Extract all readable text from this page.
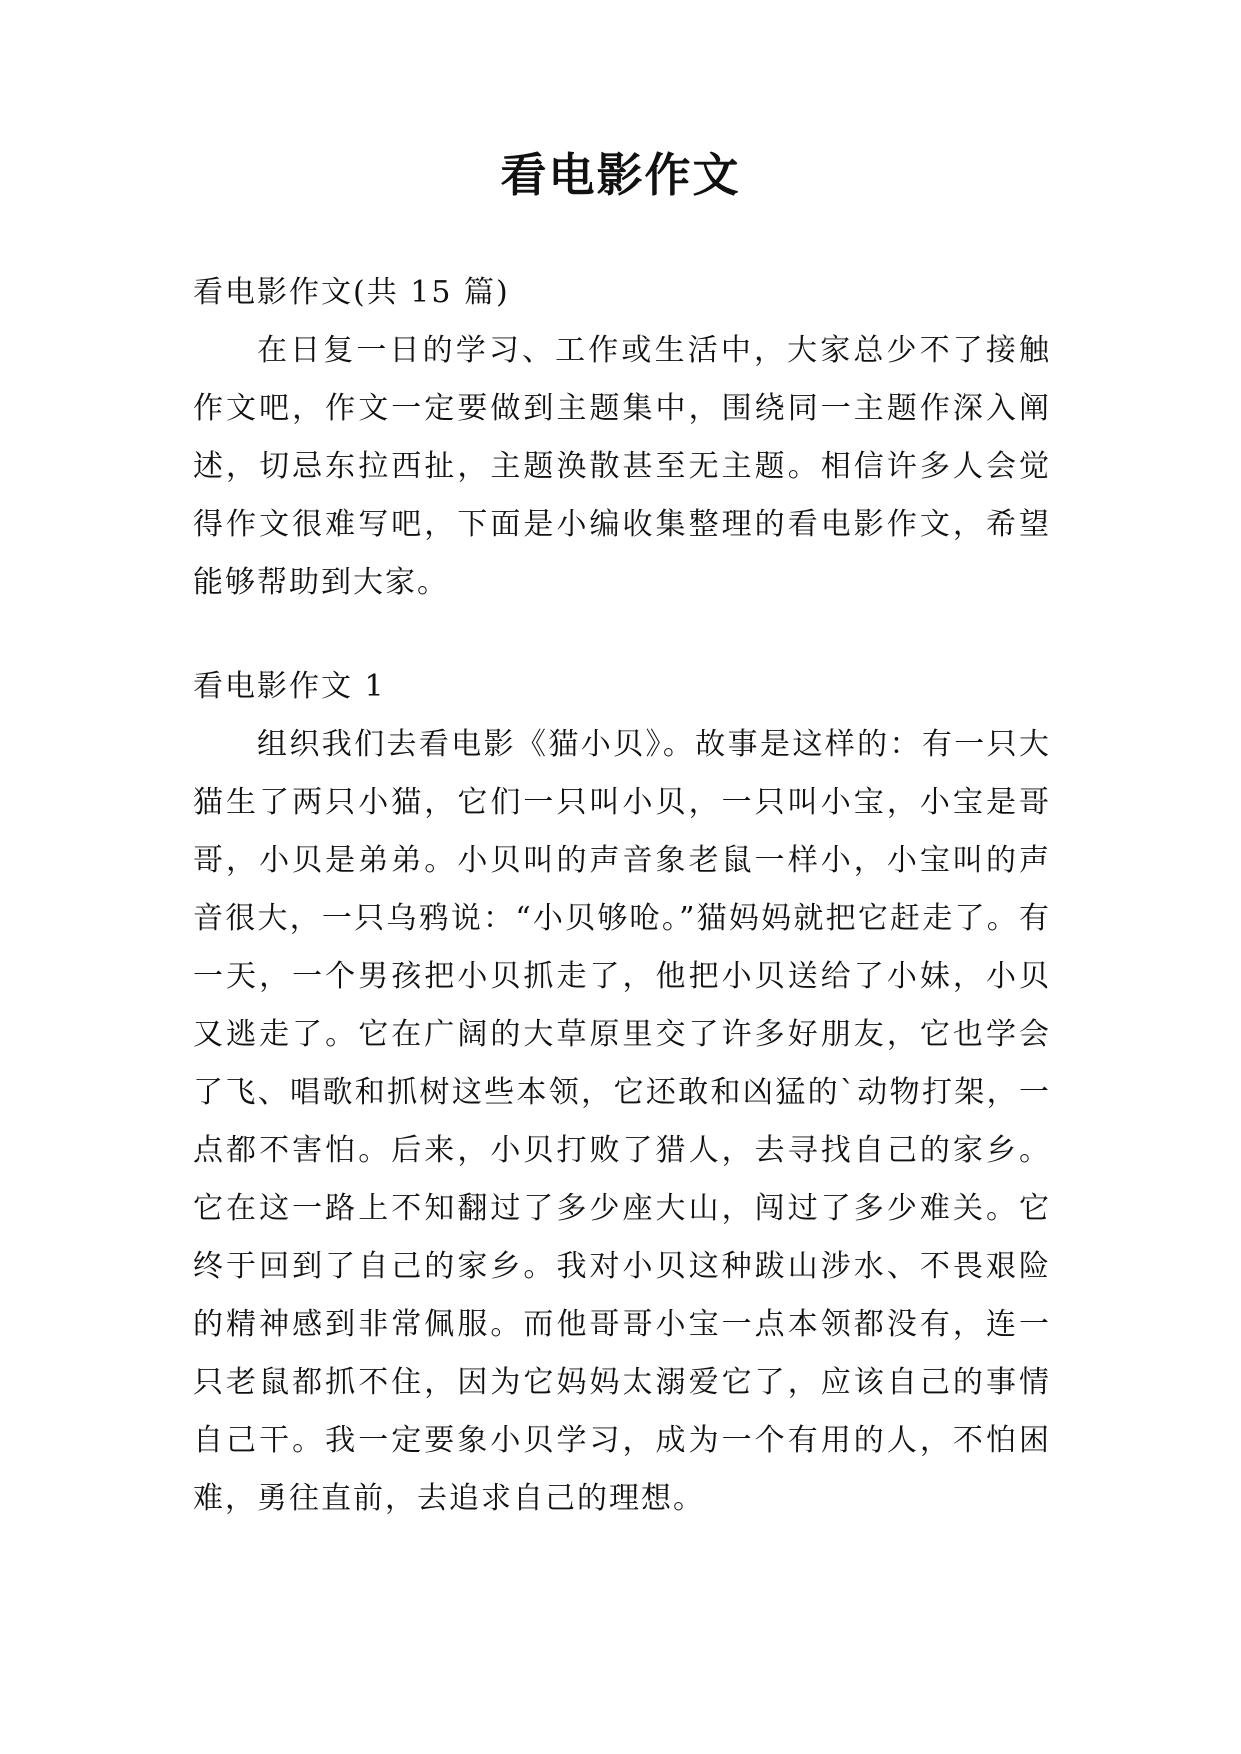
看电影作文

看电影作文(共 15 篇)

在日复一日的学习、工作或生活中，大家总少不了接触作文吧，作文一定要做到主题集中，围绕同一主题作深入阐述，切忌东拉西扯，主题涣散甚至无主题。相信许多人会觉得作文很难写吧，下面是小编收集整理的看电影作文，希望能够帮助到大家。

看电影作文 1

组织我们去看电影《猫小贝》。故事是这样的：有一只大猫生了两只小猫，它们一只叫小贝，一只叫小宝，小宝是哥哥，小贝是弟弟。小贝叫的声音象老鼠一样小，小宝叫的声音很大，一只乌鸦说：“小贝够呛。”猫妈妈就把它赶走了。有一天，一个男孩把小贝抓走了，他把小贝送给了小妹，小贝又逃走了。它在广阔的大草原里交了许多好朋友，它也学会了飞、唱歌和抓树这些本领，它还敢和凶猛的`动物打架，一点都不害怕。后来，小贝打败了猎人，去寻找自己的家乡。它在这一路上不知翻过了多少座大山，闯过了多少难关。它终于回到了自己的家乡。我对小贝这种跋山涉水、不畏艰险的精神感到非常佩服。而他哥哥小宝一点本领都没有，连一只老鼠都抓不住，因为它妈妈太溺爱它了，应该自己的事情自己干。我一定要象小贝学习，成为一个有用的人，不怕困难，勇往直前，去追求自己的理想。
